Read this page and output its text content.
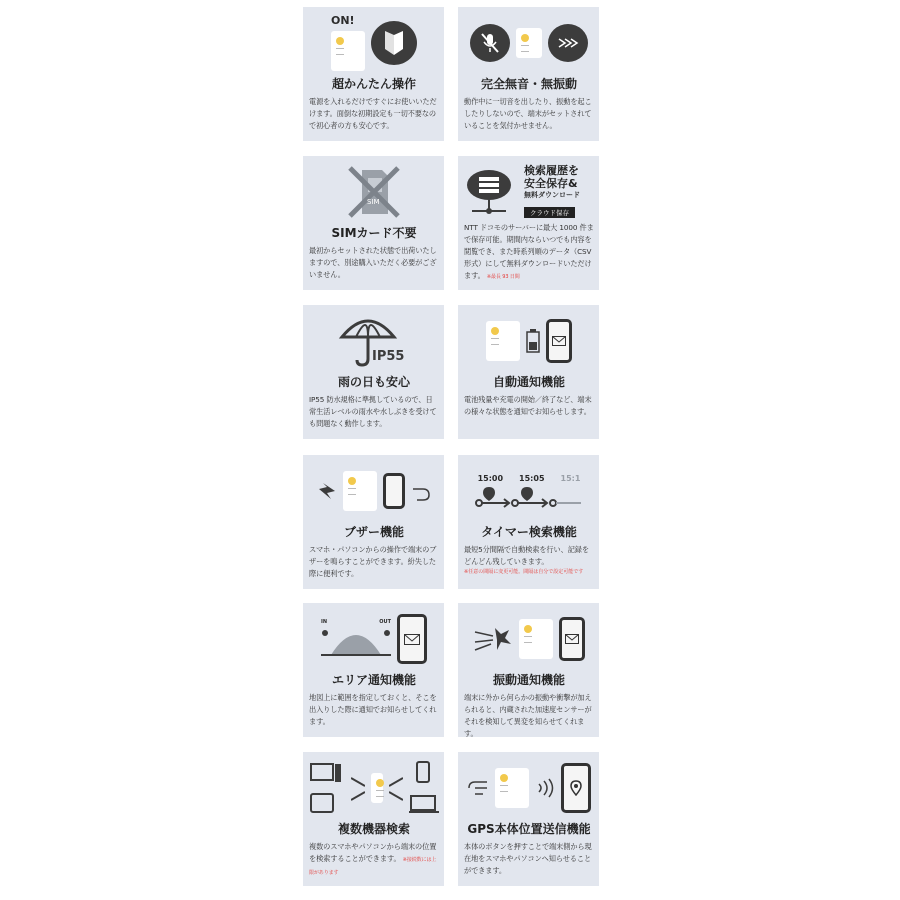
ON!
超かんたん操作
電源を入れるだけですぐにお使いいただけます。面倒な初期設定も一切不要なので初心者の方も安心です。
完全無音・無振動
動作中に一切音を出したり、振動を起こしたりしないので、端末がセットされていることを気付かせません。
SIM
SIMカード不要
最初からセットされた状態で出荷いたしますので、別途購入いただく必要がございません。
検索履歴を
安全保存&
無料ダウンロード
クラウド保存
NTT ドコモのサーバーに最大 1000 件まで保存可能。期間内ならいつでも内容を閲覧でき、また時系列順のデータ（CSV 形式）にして無料ダウンロードいただけます。 ※最長 93 日間
IP55
雨の日も安心
IP55 防水規格に準拠しているので、日常生活レベルの雨水や水しぶきを受けても問題なく動作します。
自動通知機能
電池残量や充電の開始／終了など、端末の様々な状態を通知でお知らせします。
ブザー機能
スマホ・パソコンからの操作で端末のブザーを鳴らすことができます。紛失した際に便利です。
15:00 15:05 15:1
タイマー検索機能
最短5分間隔で自動検索を行い、記録をどんどん残していきます。
※任意の間隔に変更可能。間隔は自分で設定可能です
IN	OUT
エリア通知機能
地図上に範囲を指定しておくと、そこを出入りした際に通知でお知らせしてくれます。
振動通知機能
端末に外から何らかの振動や衝撃が加えられると、内蔵された加速度センサーがそれを検知して異変を知らせてくれます。
複数機器検索
複数のスマホやパソコンから端末の位置を検索することができます。 ※接続数には上限があります
GPS本体位置送信機能
本体のボタンを押すことで端末側から現在地をスマホやパソコンへ知らせることができます。
